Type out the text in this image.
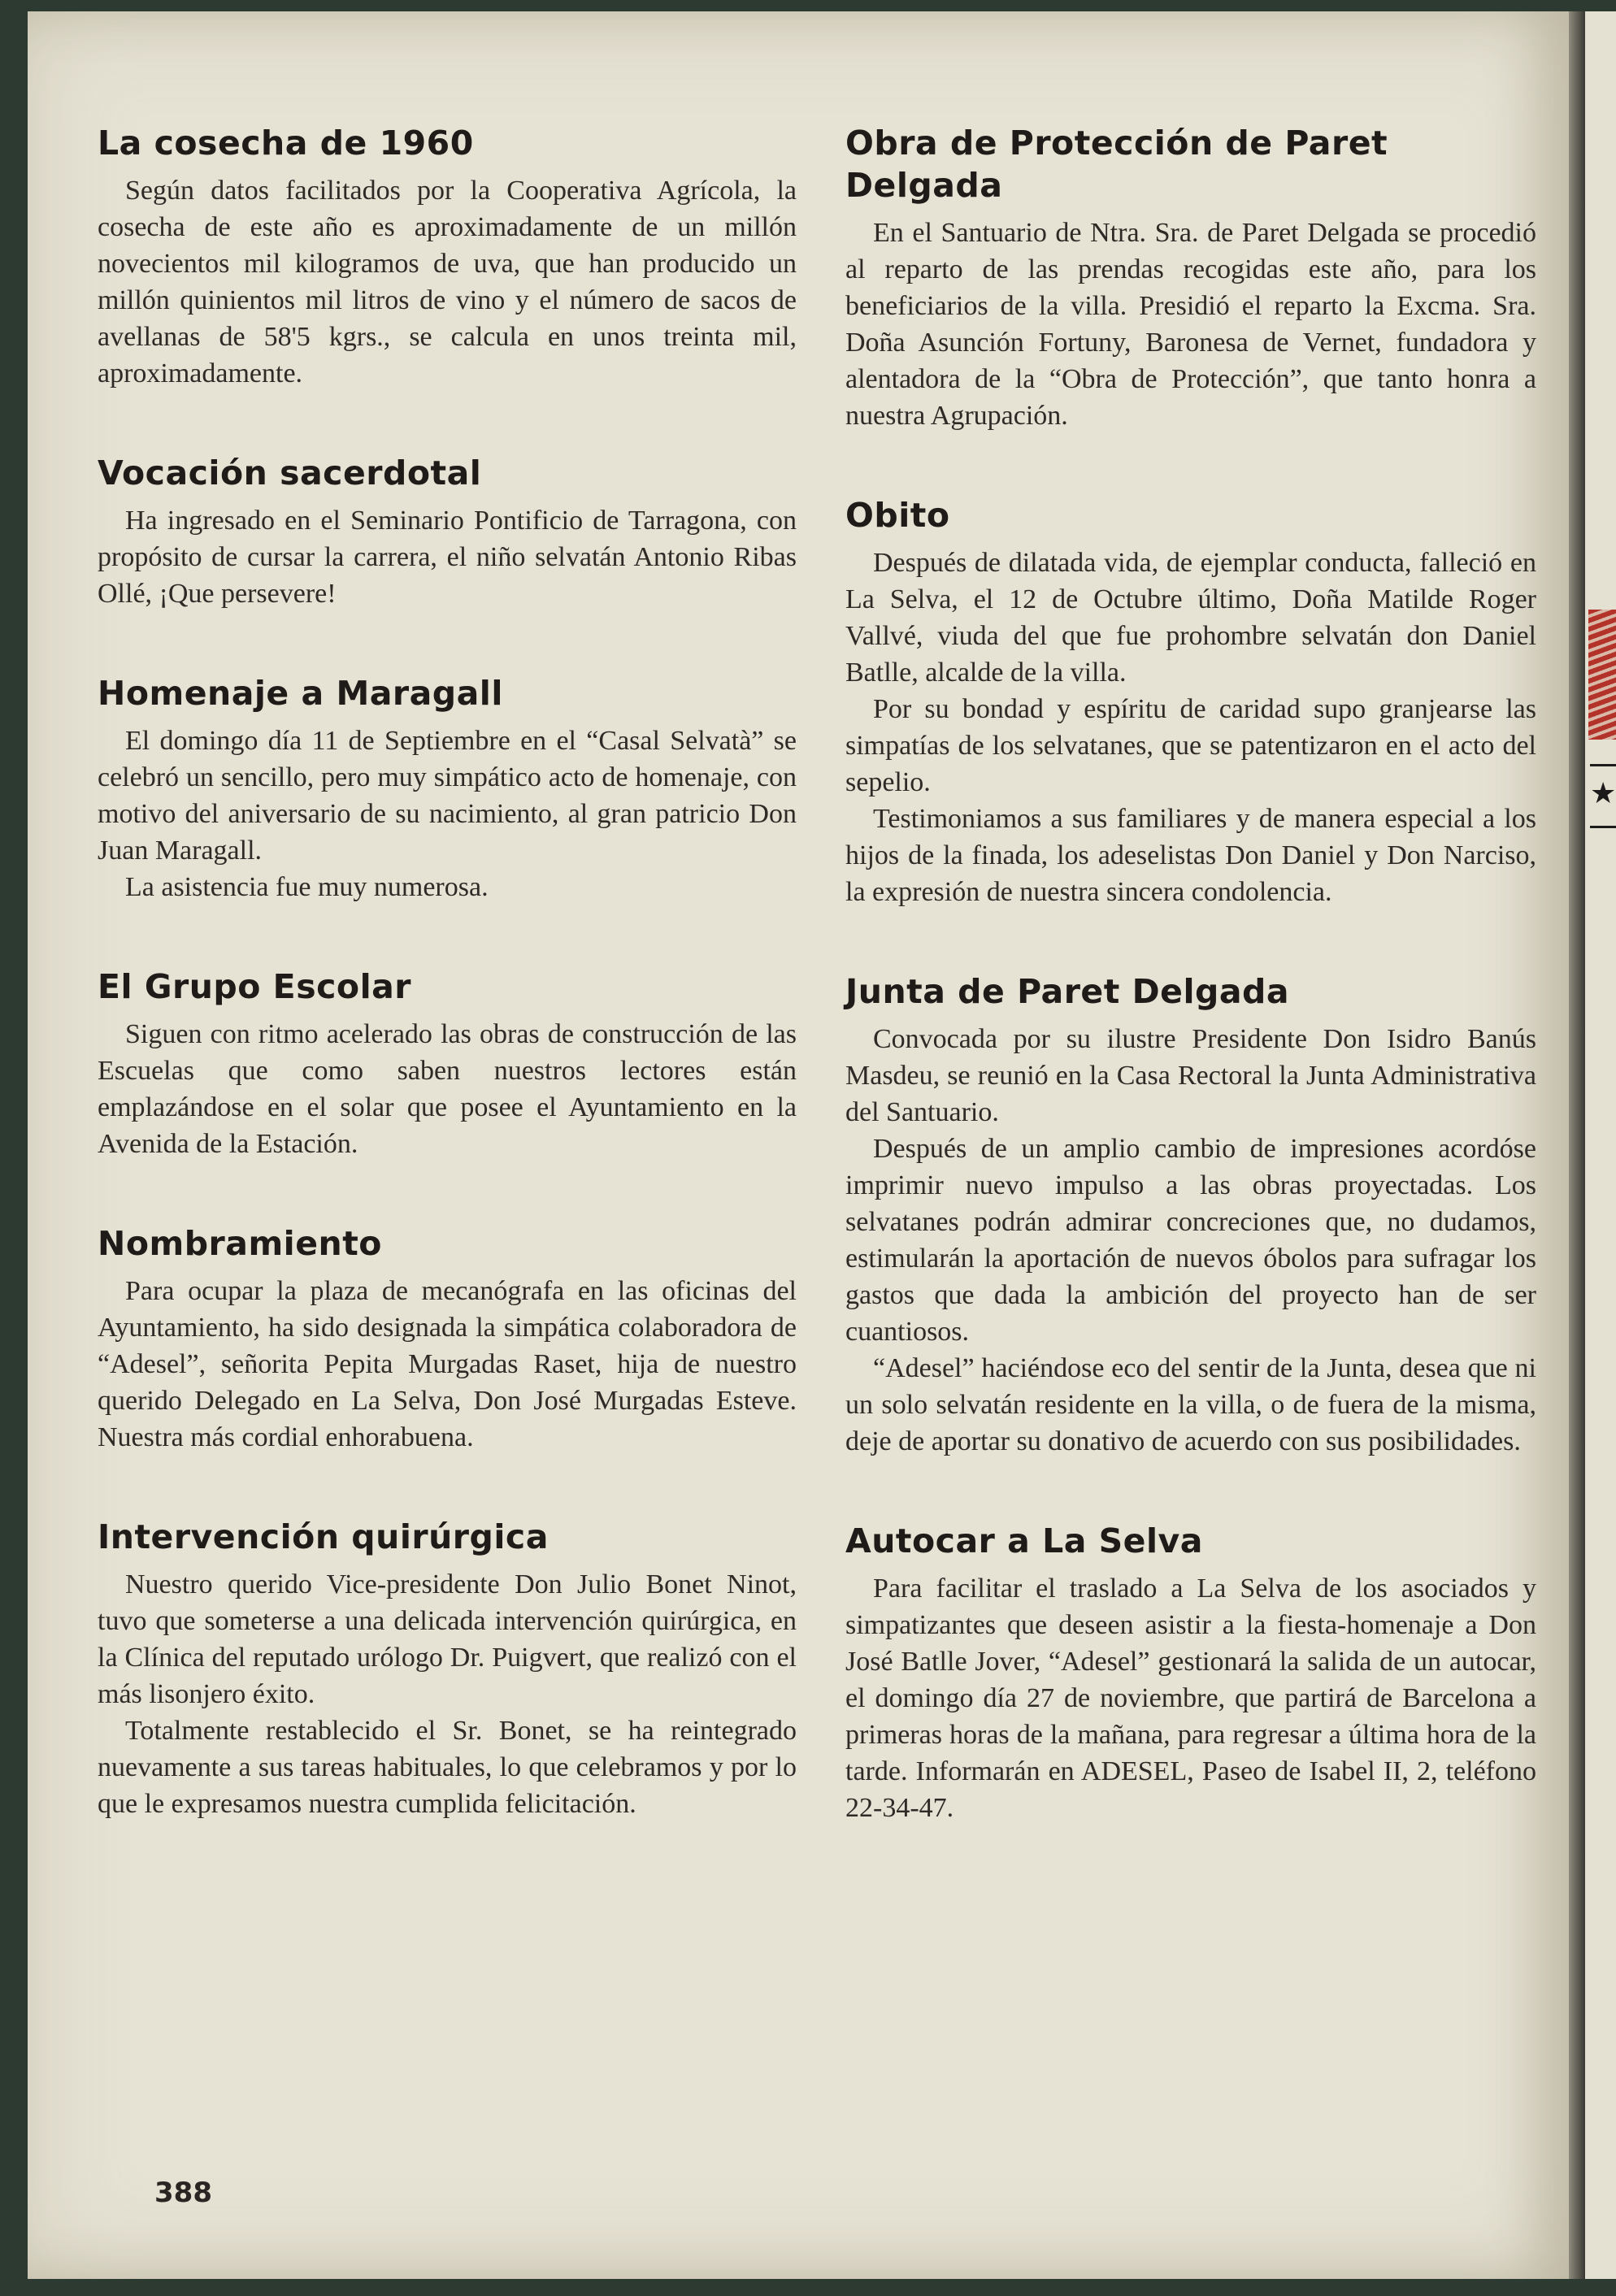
★
La cosecha de 1960

Según datos facilitados por la Cooperativa Agrícola, la cosecha de este año es aproximadamente de un millón novecientos mil kilogramos de uva, que han producido un millón quinientos mil litros de vino y el número de sacos de avellanas de 58'5 kgrs., se calcula en unos treinta mil, aproximadamente.

Vocación sacerdotal

Ha ingresado en el Seminario Pontificio de Tarragona, con propósito de cursar la carrera, el niño selvatán Antonio Ribas Ollé, ¡Que persevere!

Homenaje a Maragall

El domingo día 11 de Septiembre en el “Casal Selvatà” se celebró un sencillo, pero muy simpático acto de homenaje, con motivo del aniversario de su nacimiento, al gran patricio Don Juan Maragall.

La asistencia fue muy numerosa.

El Grupo Escolar

Siguen con ritmo acelerado las obras de construcción de las Escuelas que como saben nuestros lectores están emplazándose en el solar que posee el Ayuntamiento en la Avenida de la Estación.

Nombramiento

Para ocupar la plaza de mecanógrafa en las oficinas del Ayuntamiento, ha sido designada la simpática colaboradora de “Adesel”, señorita Pepita Murgadas Raset, hija de nuestro querido Delegado en La Selva, Don José Murgadas Esteve. Nuestra más cordial enhorabuena.

Intervención quirúrgica

Nuestro querido Vice-presidente Don Julio Bonet Ninot, tuvo que someterse a una delicada intervención quirúrgica, en la Clínica del reputado urólogo Dr. Puigvert, que realizó con el más lisonjero éxito.

Totalmente restablecido el Sr. Bonet, se ha reintegrado nuevamente a sus tareas habituales, lo que celebramos y por lo que le expresamos nuestra cumplida felicitación.

Obra de Protección de Paret Delgada

En el Santuario de Ntra. Sra. de Paret Delgada se procedió al reparto de las prendas recogidas este año, para los beneficiarios de la villa. Presidió el reparto la Excma. Sra. Doña Asunción Fortuny, Baronesa de Vernet, fundadora y alentadora de la “Obra de Protección”, que tanto honra a nuestra Agrupación.

Obito

Después de dilatada vida, de ejemplar conducta, falleció en La Selva, el 12 de Octubre último, Doña Matilde Roger Vallvé, viuda del que fue prohombre selvatán don Daniel Batlle, alcalde de la villa.

Por su bondad y espíritu de caridad supo granjearse las simpatías de los selvatanes, que se patentizaron en el acto del sepelio.

Testimoniamos a sus familiares y de manera especial a los hijos de la finada, los adeselistas Don Daniel y Don Narciso, la expresión de nuestra sincera condolencia.

Junta de Paret Delgada

Convocada por su ilustre Presidente Don Isidro Banús Masdeu, se reunió en la Casa Rectoral la Junta Administrativa del Santuario.

Después de un amplio cambio de impresiones acordóse imprimir nuevo impulso a las obras proyectadas. Los selvatanes podrán admirar concreciones que, no dudamos, estimularán la aportación de nuevos óbolos para sufragar los gastos que dada la ambición del proyecto han de ser cuantiosos.

“Adesel” haciéndose eco del sentir de la Junta, desea que ni un solo selvatán residente en la villa, o de fuera de la misma, deje de aportar su donativo de acuerdo con sus posibilidades.

Autocar a La Selva

Para facilitar el traslado a La Selva de los asociados y simpatizantes que deseen asistir a la fiesta-homenaje a Don José Batlle Jover, “Adesel” gestionará la salida de un autocar, el domingo día 27 de noviembre, que partirá de Barcelona a primeras horas de la mañana, para regresar a última hora de la tarde. Informarán en ADESEL, Paseo de Isabel II, 2, teléfono 22-34-47.

388
